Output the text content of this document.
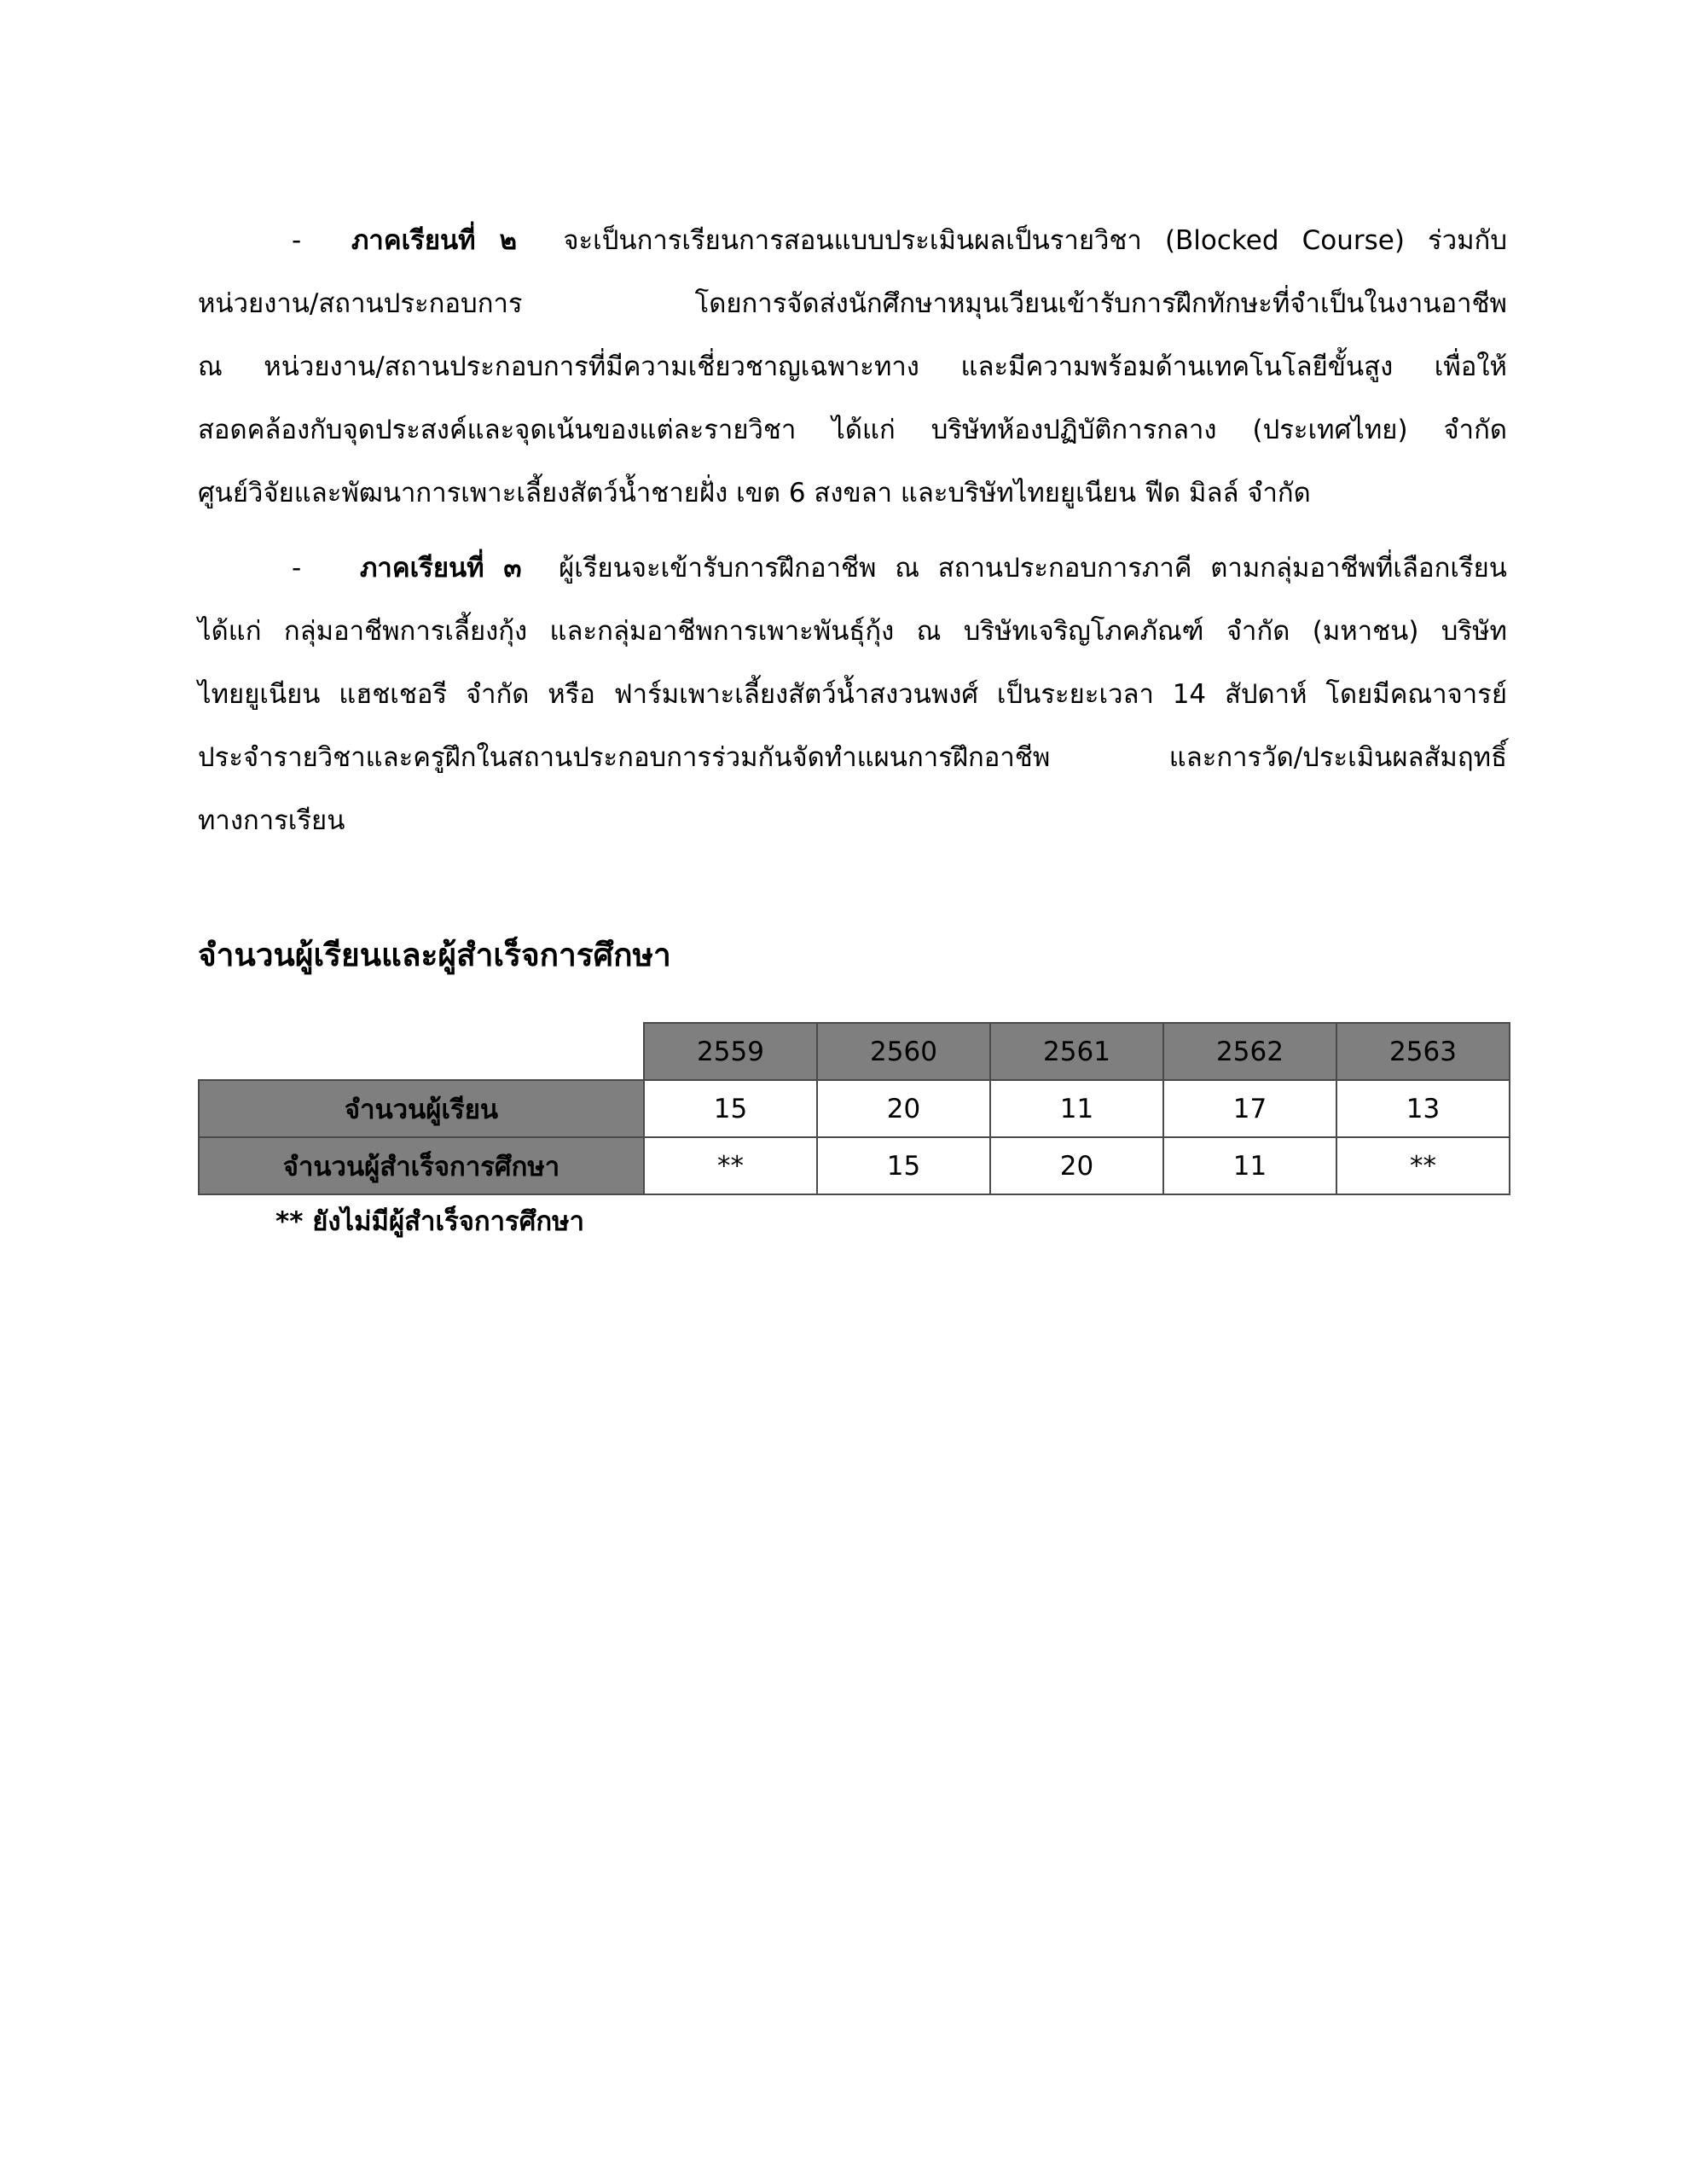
- ภาคเรียนที่ ๒ จะเป็นการเรียนการสอนแบบประเมินผลเป็นรายวิชา (Blocked Course) ร่วมกับ
หน่วยงาน/สถานประกอบการ โดยการจัดส่งนักศึกษาหมุนเวียนเข้ารับการฝึกทักษะที่จำเป็นในงานอาชีพ
ณ หน่วยงาน/สถานประกอบการที่มีความเชี่ยวชาญเฉพาะทาง และมีความพร้อมด้านเทคโนโลยีขั้นสูง เพื่อให้
สอดคล้องกับจุดประสงค์และจุดเน้นของแต่ละรายวิชา ได้แก่ บริษัทห้องปฏิบัติการกลาง (ประเทศไทย) จำกัด
ศูนย์วิจัยและพัฒนาการเพาะเลี้ยงสัตว์น้ำชายฝั่ง เขต 6 สงขลา และบริษัทไทยยูเนียน ฟีด มิลล์ จำกัด
- ภาคเรียนที่ ๓ ผู้เรียนจะเข้ารับการฝึกอาชีพ ณ สถานประกอบการภาคี ตามกลุ่มอาชีพที่เลือกเรียน
ได้แก่ กลุ่มอาชีพการเลี้ยงกุ้ง และกลุ่มอาชีพการเพาะพันธุ์กุ้ง ณ บริษัทเจริญโภคภัณฑ์ จำกัด (มหาชน) บริษัท
ไทยยูเนียน แฮชเชอรี จำกัด หรือ ฟาร์มเพาะเลี้ยงสัตว์น้ำสงวนพงศ์ เป็นระยะเวลา 14 สัปดาห์ โดยมีคณาจารย์
ประจำรายวิชาและครูฝึกในสถานประกอบการร่วมกันจัดทำแผนการฝึกอาชีพ และการวัด/ประเมินผลสัมฤทธิ์
ทางการเรียน
จำนวนผู้เรียนและผู้สำเร็จการศึกษา
	2559	2560	2561	2562	2563
จำนวนผู้เรียน	15	20	11	17	13
จำนวนผู้สำเร็จการศึกษา	**	15	20	11	**
** ยังไม่มีผู้สำเร็จการศึกษา
